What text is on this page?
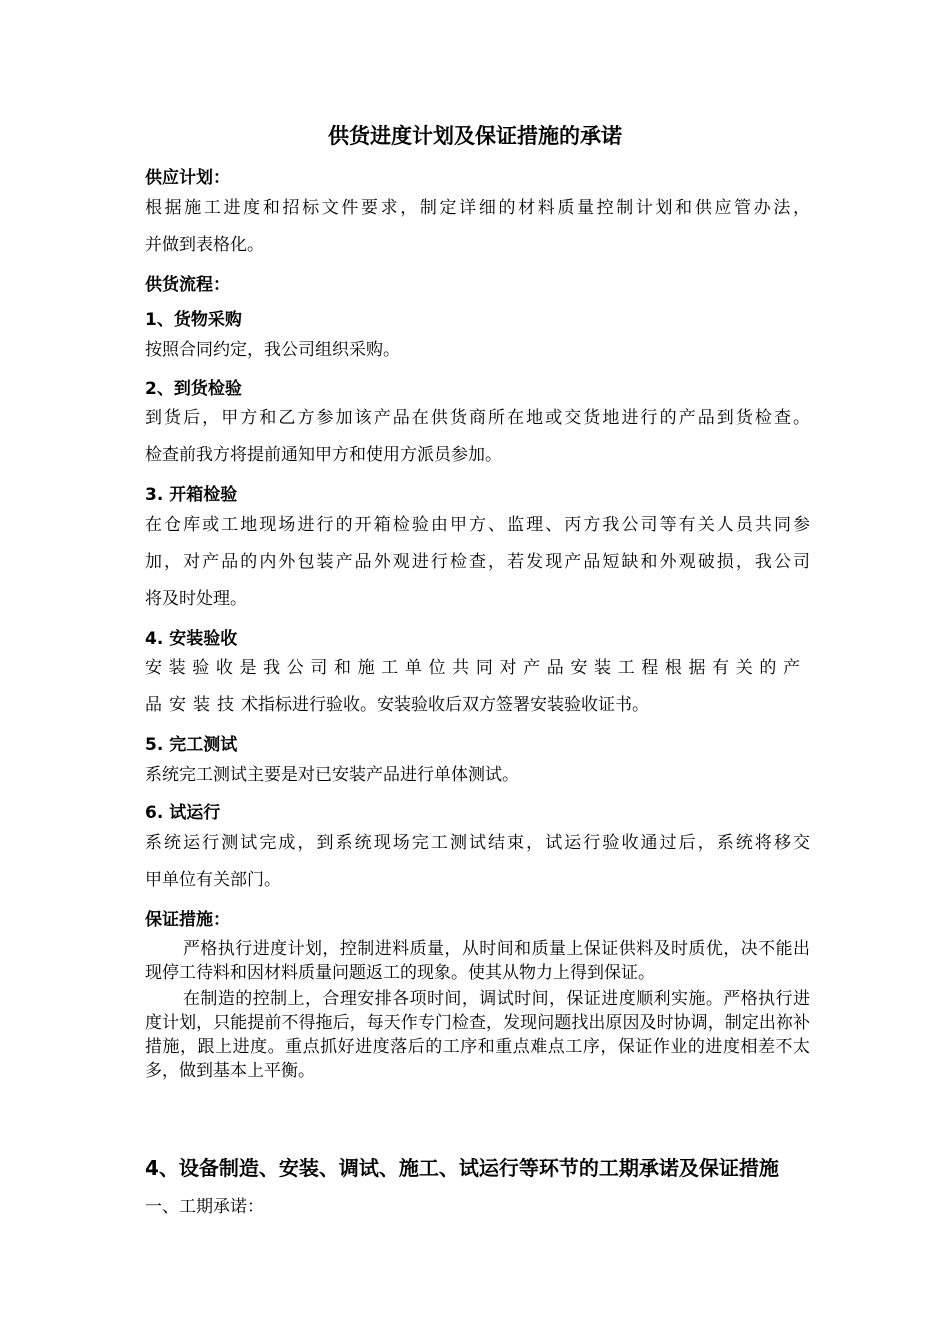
供货进度计划及保证措施的承诺
供应计划：
根据施工进度和招标文件要求，制定详细的材料质量控制计划和供应管办法，
并做到表格化。
供货流程：
1、货物采购
按照合同约定，我公司组织采购。
2、到货检验
到货后，甲方和乙方参加该产品在供货商所在地或交货地进行的产品到货检查。
检查前我方将提前通知甲方和使用方派员参加。
3. 开箱检验
在仓库或工地现场进行的开箱检验由甲方、监理、丙方我公司等有关人员共同参
加，对产品的内外包装产品外观进行检查，若发现产品短缺和外观破损，我公司
将及时处理。
4. 安装验收
安装验收是我公司和施工单位共同对产品安装工程根据有关的产
品安装技术指标进行验收。安装验收后双方签署安装验收证书。
5. 完工测试
系统完工测试主要是对已安装产品进行单体测试。
6. 试运行
系统运行测试完成，到系统现场完工测试结束，试运行验收通过后，系统将移交
甲单位有关部门。
保证措施：
严格执行进度计划，控制进料质量，从时间和质量上保证供料及时质优，决不能出现停工待料和因材料质量问题返工的现象。使其从物力上得到保证。
在制造的控制上，合理安排各项时间，调试时间，保证进度顺利实施。严格执行进度计划，只能提前不得拖后，每天作专门检查，发现问题找出原因及时协调，制定出祢补措施，跟上进度。重点抓好进度落后的工序和重点难点工序，保证作业的进度相差不太多，做到基本上平衡。
4、设备制造、安装、调试、施工、试运行等环节的工期承诺及保证措施
一、工期承诺：
